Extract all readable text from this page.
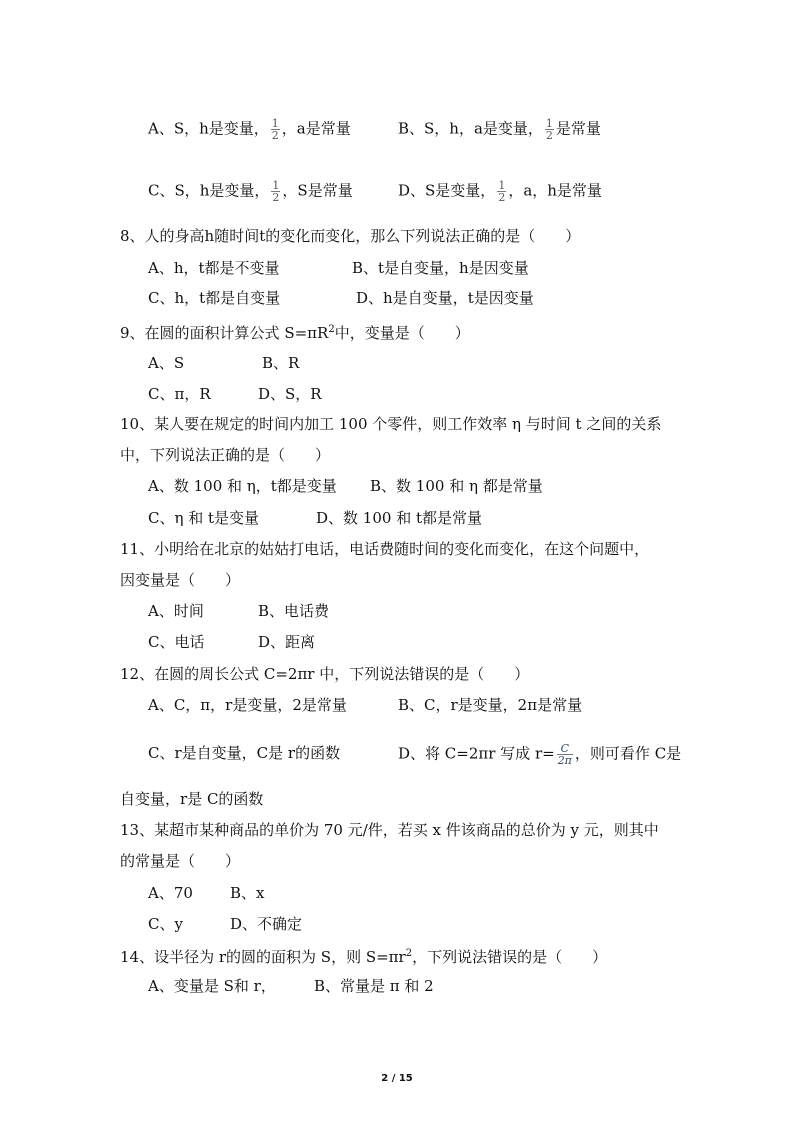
A、S，h是变量， $\frac{1}{2}$ ，a是常量	B、S，h，a是变量， $\frac{1}{2}$ 是常量
C、S，h是变量， $\frac{1}{2}$ ，S是常量	D、S是变量， $\frac{1}{2}$ ，a，h是常量
8、人的身高h随时间t的变化而变化，那么下列说法正确的是（　　）
A、h，t都是不变量	B、t是自变量，h是因变量
C、h，t都是自变量	D、h是自变量，t是因变量
9、在圆的面积计算公式 $S=\pi R^2$中，变量是（　　）
A、S	B、R
C、π，R	D、S，R
10、某人要在规定的时间内加工 100 个零件，则工作效率 η 与时间 t 之间的关系
中，下列说法正确的是（　　）
A、数 100 和 η，t都是变量 B、数 100 和 η 都是常量
C、η 和 t是变量	D、数 100 和 t都是常量
11、小明给在北京的姑姑打电话，电话费随时间的变化而变化，在这个问题中，
因变量是（　　）
A、时间	B、电话费
C、电话	D、距离
12、在圆的周长公式 C=2πr 中，下列说法错误的是（　　）
A、C，π，r是变量，2是常量	B、C，r是变量，2π是常量
C、r是自变量，C是 r的函数	D、将 C=2πr 写成 $r= \frac{C}{2\pi}$ ，则可看作 C是
自变量，r是 C的函数
13、某超市某种商品的单价为 70 元/件，若买 x 件该商品的总价为 y 元，则其中
的常量是（　　）
A、70 B、x
C、y	D、不确定
14、设半径为 r的圆的面积为 S，则 $S=\pi r^2$，下列说法错误的是（　　）
A、变量是 S和 r，	B、常量是 π 和 2
2 / 15
